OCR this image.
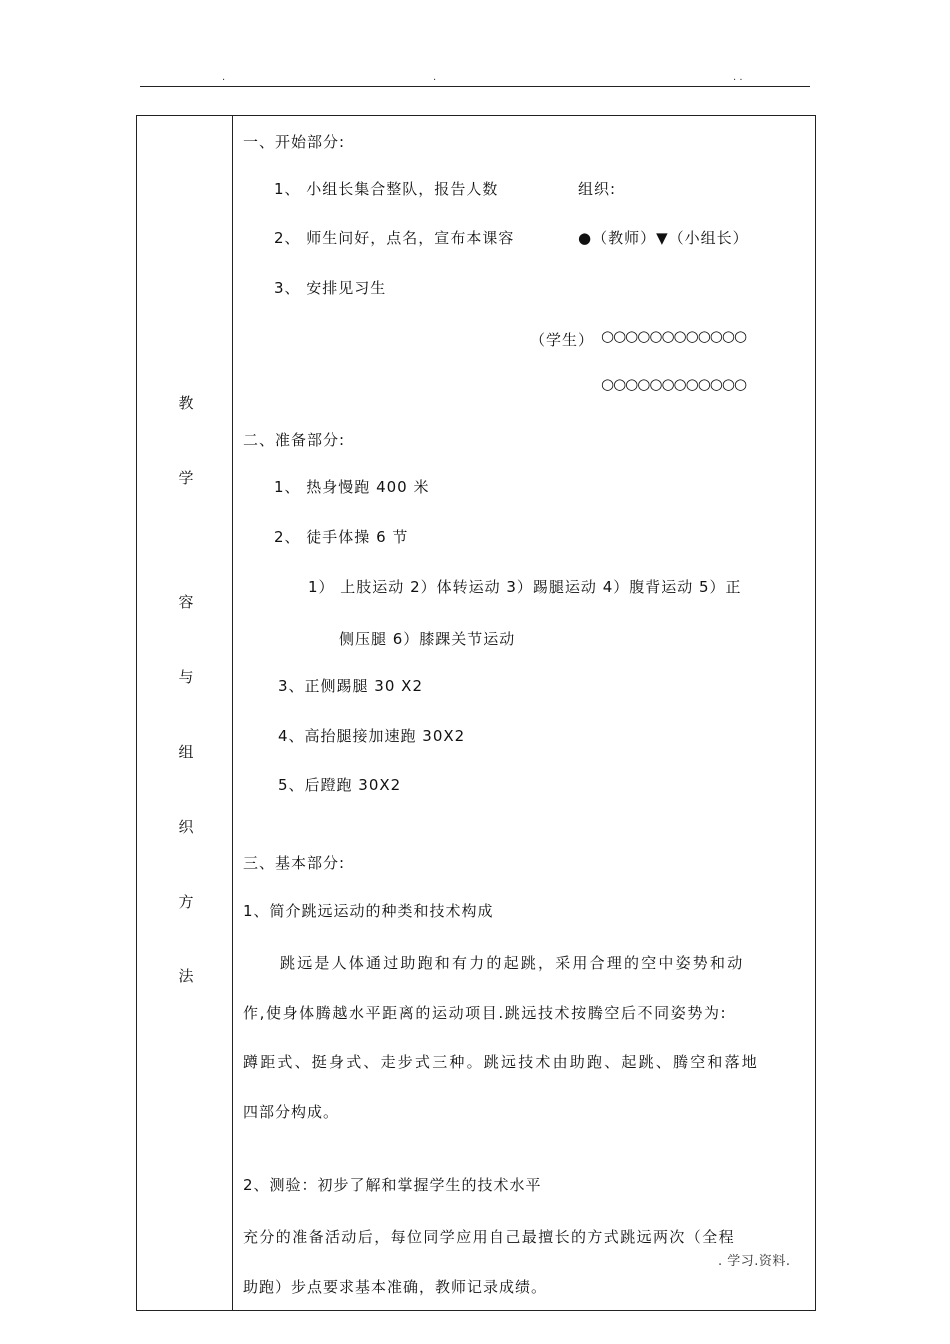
.	.	. .
教
学
容
与
组
织
方
法
一、开始部分:
1、 小组长集合整队，报告人数	组织:
2、 师生问好，点名，宣布本课容	●（教师）▼（小组长）
3、 安排见习生
（学生） ○○○○○○○○○○○○
○○○○○○○○○○○○
二、准备部分:
1、 热身慢跑 400 米
2、 徒手体操 6 节
1） 上肢运动 2）体转运动 3）踢腿运动 4）腹背运动 5）正
侧压腿 6）膝踝关节运动
3、正侧踢腿 30 X2
4、高抬腿接加速跑 30X2
5、后蹬跑 30X2
三、基本部分:
1、简介跳远运动的种类和技术构成
跳远是人体通过助跑和有力的起跳，采用合理的空中姿势和动
作,使身体腾越水平距离的运动项目.跳远技术按腾空后不同姿势为:
蹲距式、挺身式、走步式三种。跳远技术由助跑、起跳、腾空和落地
四部分构成。
2、测验：初步了解和掌握学生的技术水平
充分的准备活动后，每位同学应用自己最擅长的方式跳远两次（全程
助跑）步点要求基本准确，教师记录成绩。
. 学习.资料.
